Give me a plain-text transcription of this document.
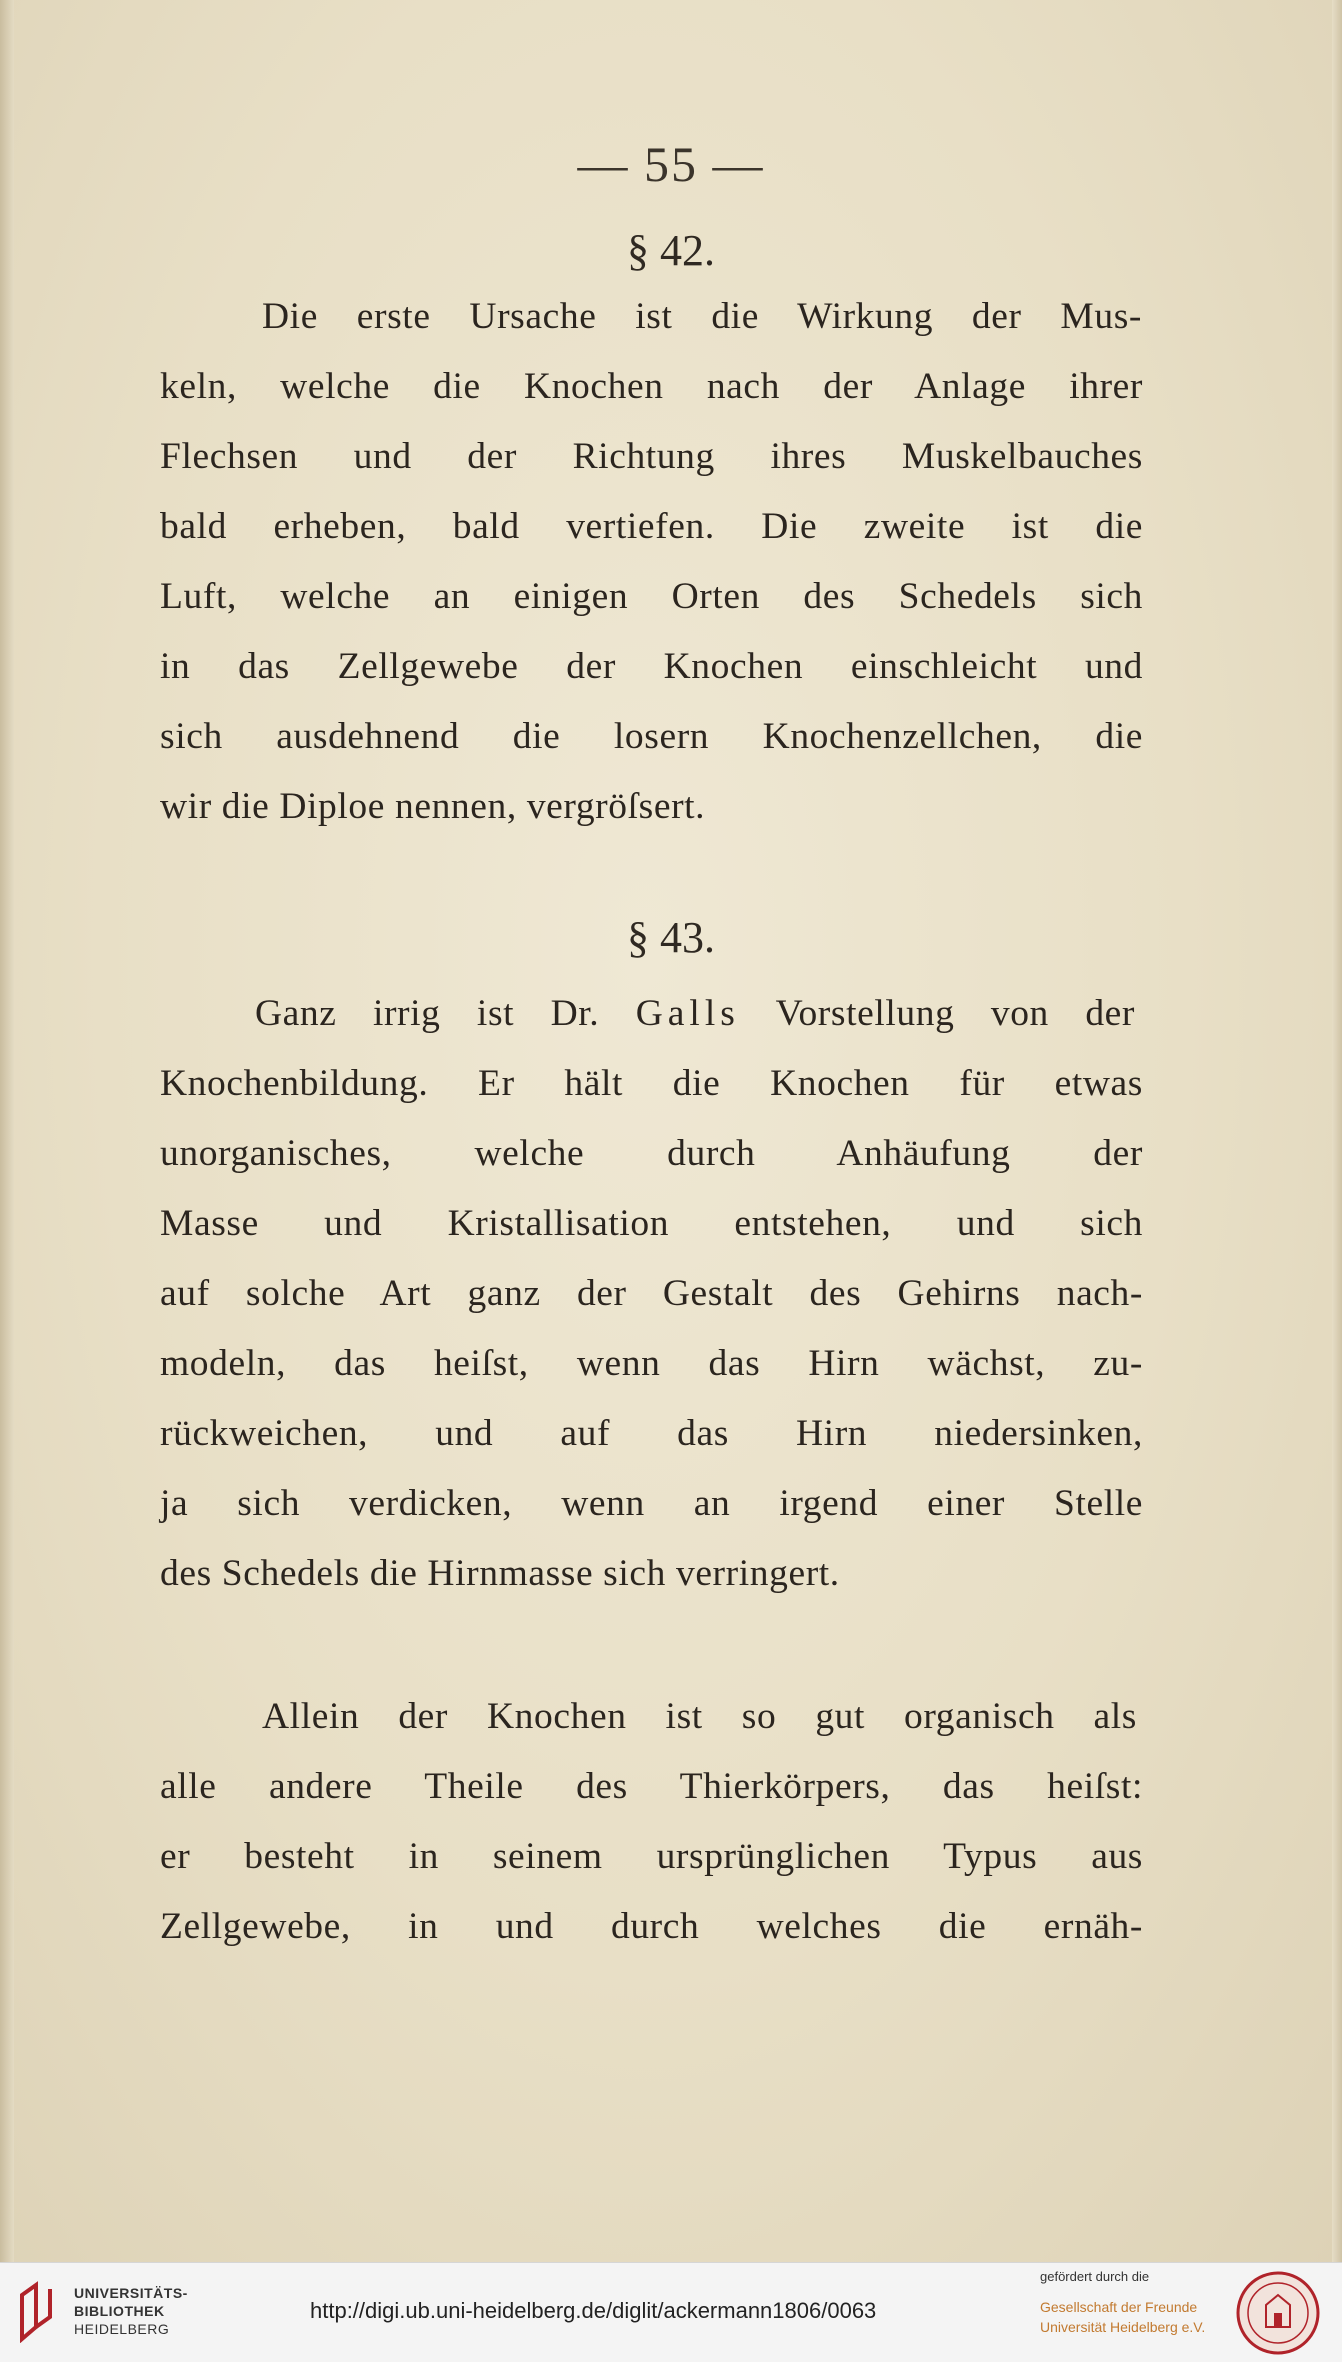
— 55 —
§ 42.
Die erste Ursache ist die Wirkung der Mus-
keln, welche die Knochen nach der Anlage ihrer
Flechsen und der Richtung ihres Muskelbauches
bald erheben, bald vertiefen. Die zweite ist die
Luft, welche an einigen Orten des Schedels sich
in das Zellgewebe der Knochen einschleicht und
sich ausdehnend die losern Knochenzellchen, die
wir die Diploe nennen, vergröſsert.
§ 43.
Ganz irrig ist Dr. Galls Vorstellung von der
Knochenbildung. Er hält die Knochen für etwas
unorganisches, welche durch Anhäufung der
Masse und Kristallisation entstehen, und sich
auf solche Art ganz der Gestalt des Gehirns nach-
modeln, das heiſst, wenn das Hirn wächst, zu-
rückweichen, und auf das Hirn niedersinken,
ja sich verdicken, wenn an irgend einer Stelle
des Schedels die Hirnmasse sich verringert.
Allein der Knochen ist so gut organisch als
alle andere Theile des Thierkörpers, das heiſst:
er besteht in seinem ursprünglichen Typus aus
Zellgewebe, in und durch welches die ernäh-
UNIVERSITÄTS-
BIBLIOTHEK
HEIDELBERG
http://digi.ub.uni-heidelberg.de/diglit/ackermann1806/0063
gefördert durch die
Gesellschaft der Freunde
Universität Heidelberg e.V.
